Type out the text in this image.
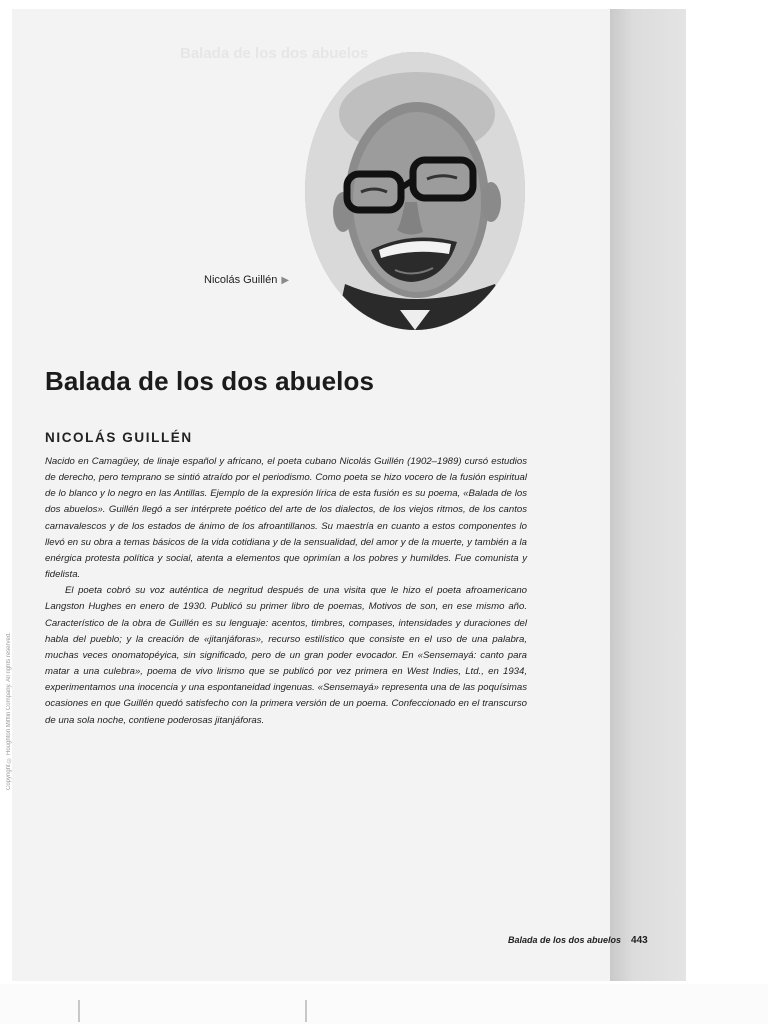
Balada de los dos abuelos
Copyright © Houghton Mifflin Company. All rights reserved.
Nicolás Guillén ▶
Balada de los dos abuelos
NICOLÁS GUILLÉN

Nacido en Camagüey, de linaje español y africano, el poeta cubano Nicolás Guillén (1902–1989) cursó estudios de derecho, pero temprano se sintió atraído por el periodismo. Como poeta se hizo vocero de la fusión espiritual de lo blanco y lo negro en las Antillas. Ejemplo de la expresión lírica de esta fusión es su poema, «Balada de los dos abuelos». Guillén llegó a ser intérprete poético del arte de los dialectos, de los viejos ritmos, de los cantos carnavalescos y de los estados de ánimo de los afroantillanos. Su maestría en cuanto a estos componentes lo llevó en su obra a temas básicos de la vida cotidiana y de la sensualidad, del amor y de la muerte, y también a la enérgica protesta política y social, atenta a elementos que oprimían a los pobres y humildes. Fue comunista y fidelista.

El poeta cobró su voz auténtica de negritud después de una visita que le hizo el poeta afroamericano Langston Hughes en enero de 1930. Publicó su primer libro de poemas, Motivos de son, en ese mismo año. Característico de la obra de Guillén es su lenguaje: acentos, timbres, compases, intensidades y duraciones del habla del pueblo; y la creación de «jitanjáforas», recurso estilístico que consiste en el uso de una palabra, muchas veces onomatopéyica, sin significado, pero de un gran poder evocador. En «Sensemayá: canto para matar a una culebra», poema de vivo lirismo que se publicó por vez primera en West Indies, Ltd., en 1934, experimentamos una inocencia y una espontaneidad ingenuas. «Sensemayá» representa una de las poquísimas ocasiones en que Guillén quedó satisfecho con la primera versión de un poema. Confeccionado en el transcurso de una sola noche, contiene poderosas jitanjáforas.

Balada de los dos abuelos 443
